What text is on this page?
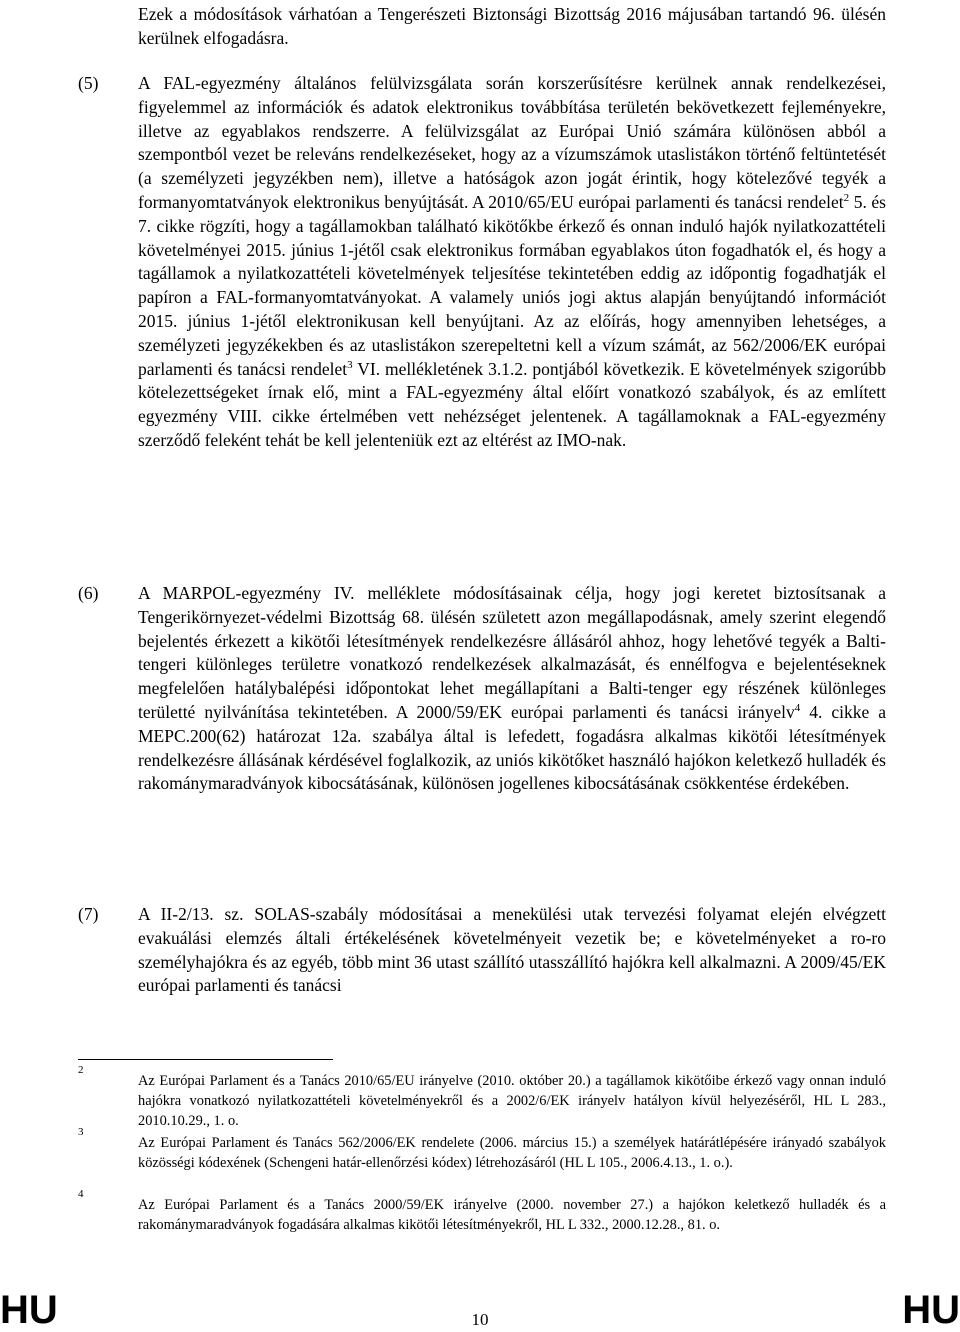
Ezek a módosítások várhatóan a Tengerészeti Biztonsági Bizottság 2016 májusában tartandó 96. ülésén kerülnek elfogadásra.
(5) A FAL-egyezmény általános felülvizsgálata során korszerűsítésre kerülnek annak rendelkezései, figyelemmel az információk és adatok elektronikus továbbítása területén bekövetkezett fejleményekre, illetve az egyablakos rendszerre. A felülvizsgálat az Európai Unió számára különösen abból a szempontból vezet be releváns rendelkezéseket, hogy az a vízumszámok utaslistákon történő feltüntetését (a személyzeti jegyzékben nem), illetve a hatóságok azon jogát érintik, hogy kötelezővé tegyék a formanyomtatványok elektronikus benyújtását. A 2010/65/EU európai parlamenti és tanácsi rendelet$^2$ 5. és 7. cikke rögzíti, hogy a tagállamokban található kikötőkbe érkező és onnan induló hajók nyilatkozattételi követelményei 2015. június 1-jétől csak elektronikus formában egyablakos úton fogadhatók el, és hogy a tagállamok a nyilatkozattételi követelmények teljesítése tekintetében eddig az időpontig fogadhatják el papíron a FAL-formanyomtatványokat. A valamely uniós jogi aktus alapján benyújtandó információt 2015. június 1-jétől elektronikusan kell benyújtani. Az az előírás, hogy amennyiben lehetséges, a személyzeti jegyzékekben és az utaslistákon szerepeltetni kell a vízum számát, az 562/2006/EK európai parlamenti és tanácsi rendelet$^3$ VI. mellékletének 3.1.2. pontjából következik. E követelmények szigorúbb kötelezettségeket írnak elő, mint a FAL-egyezmény által előírt vonatkozó szabályok, és az említett egyezmény VIII. cikke értelmében vett nehézséget jelentenek. A tagállamoknak a FAL-egyezmény szerződő feleként tehát be kell jelenteniük ezt az eltérést az IMO-nak.
(6) A MARPOL-egyezmény IV. melléklete módosításainak célja, hogy jogi keretet biztosítsanak a Tengerikörnyezet-védelmi Bizottság 68. ülésén született azon megállapodásnak, amely szerint elegendő bejelentés érkezett a kikötői létesítmények rendelkezésre állásáról ahhoz, hogy lehetővé tegyék a Balti-tengeri különleges területre vonatkozó rendelkezések alkalmazását, és ennélfogva e bejelentéseknek megfelelően hatálybalépési időpontokat lehet megállapítani a Balti-tenger egy részének különleges területté nyilvánítása tekintetében. A 2000/59/EK európai parlamenti és tanácsi irányelv$^4$ 4. cikke a MEPC.200(62) határozat 12a. szabálya által is lefedett, fogadásra alkalmas kikötői létesítmények rendelkezésre állásának kérdésével foglalkozik, az uniós kikötőket használó hajókon keletkező hulladék és rakománymaradványok kibocsátásának, különösen jogellenes kibocsátásának csökkentése érdekében.
(7) A II-2/13. sz. SOLAS-szabály módosításai a menekülési utak tervezési folyamat elején elvégzett evakuálási elemzés általi értékelésének követelményeit vezetik be; e követelményeket a ro-ro személyhajókra és az egyéb, több mint 36 utast szállító utasszállító hajókra kell alkalmazni. A 2009/45/EK európai parlamenti és tanácsi
2
Az Európai Parlament és a Tanács 2010/65/EU irányelve (2010. október 20.) a tagállamok kikötőibe érkező vagy onnan induló hajókra vonatkozó nyilatkozattételi követelményekről és a 2002/6/EK irányelv hatályon kívül helyezéséről, HL L 283., 2010.10.29., 1. o.
3
Az Európai Parlament és Tanács 562/2006/EK rendelete (2006. március 15.) a személyek határátlépésére irányadó szabályok közösségi kódexének (Schengeni határ-ellenőrzési kódex) létrehozásáról (HL L 105., 2006.4.13., 1. o.).
4
Az Európai Parlament és a Tanács 2000/59/EK irányelve (2000. november 27.) a hajókon keletkező hulladék és a rakománymaradványok fogadására alkalmas kikötői létesítményekről, HL L 332., 2000.12.28., 81. o.
HU	10	HU
